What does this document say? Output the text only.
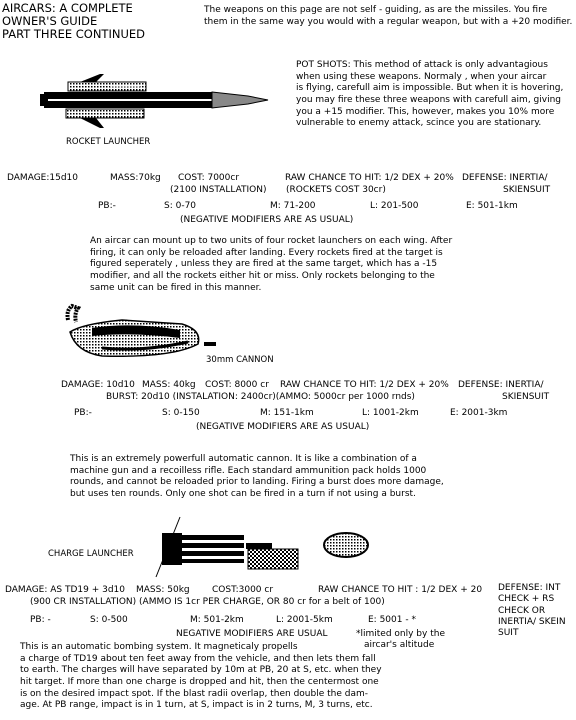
AIRCARS: A COMPLETE
OWNER'S GUIDE
PART THREE CONTINUED
The weapons on this page are not self - guiding, as are the missiles. You fire
them in the same way you would with a regular weapon, but with a +20 modifier.
POT SHOTS: This method of attack is only advantagious
when using these weapons. Normaly , when your aircar
is flying, carefull aim is impossible. But when it is hovering,
you may fire these three weapons with carefull aim, giving
you a +15 modifier. This, however, makes you 10% more
vulnerable to enemy attack, scince you are stationary.
ROCKET LAUNCHER
DAMAGE:15d10	MASS:70kg COST: 7000cr	RAW CHANCE TO HIT: 1/2 DEX + 20% DEFENSE: INERTIA/
SKIENSUIT
(2100 INSTALLATION) (ROCKETS COST 30cr)
PB:-	S: 0-70	M: 71-200	L: 201-500	E: 501-1km
(NEGATIVE MODIFIERS ARE AS USUAL)
An aircar can mount up to two units of four rocket launchers on each wing. After
firing, it can only be reloaded after landing. Every rockets fired at the target is
figured seperately , unless they are fired at the same target, which has a -15
modifier, and all the rockets either hit or miss. Only rockets belonging to the
same unit can be fired in this manner.
30mm CANNON
DAMAGE: 10d10 MASS: 40kg COST: 8000 cr RAW CHANCE TO HIT: 1/2 DEX + 20% DEFENSE: INERTIA/
SKIENSUIT
BURST: 20d10 (INSTALATION: 2400cr)(AMMO: 5000cr per 1000 rnds)
PB:-	S: 0-150	M: 151-1km	L: 1001-2km	E: 2001-3km
(NEGATIVE MODIFIERS ARE AS USUAL)
This is an extremely powerfull automatic cannon. It is like a combination of a
machine gun and a recoilless rifle. Each standard ammunition pack holds 1000
rounds, and cannot be reloaded prior to landing. Firing a burst does more damage,
but uses ten rounds. Only one shot can be fired in a turn if not using a burst.
CHARGE LAUNCHER
DAMAGE: AS TD19 + 3d10 MASS: 50kg COST:3000 cr	RAW CHANCE TO HIT : 1/2 DEX + 20 DEFENSE: INT
CHECK + RS
CHECK OR
INERTIA/ SKEIN
SUIT
(900 CR INSTALLATION) (AMMO IS 1cr PER CHARGE, OR 80 cr for a belt of 100)
PB: -	S: 0-500	M: 501-2km	L: 2001-5km	E: 5001 - *
NEGATIVE MODIFIERS ARE USUAL	*limited only by the
aircar's altitude
This is an automatic bombing system. It magneticaly propells
a charge of TD19 about ten feet away from the vehicle, and then lets them fall
to earth. The charges will have separated by 10m at PB, 20 at S, etc. when they
hit target. If more than one charge is dropped and hit, then the centermost one
is on the desired impact spot. If the blast radii overlap, then double the dam-
age. At PB range, impact is in 1 turn, at S, impact is in 2 turns, M, 3 turns, etc.
